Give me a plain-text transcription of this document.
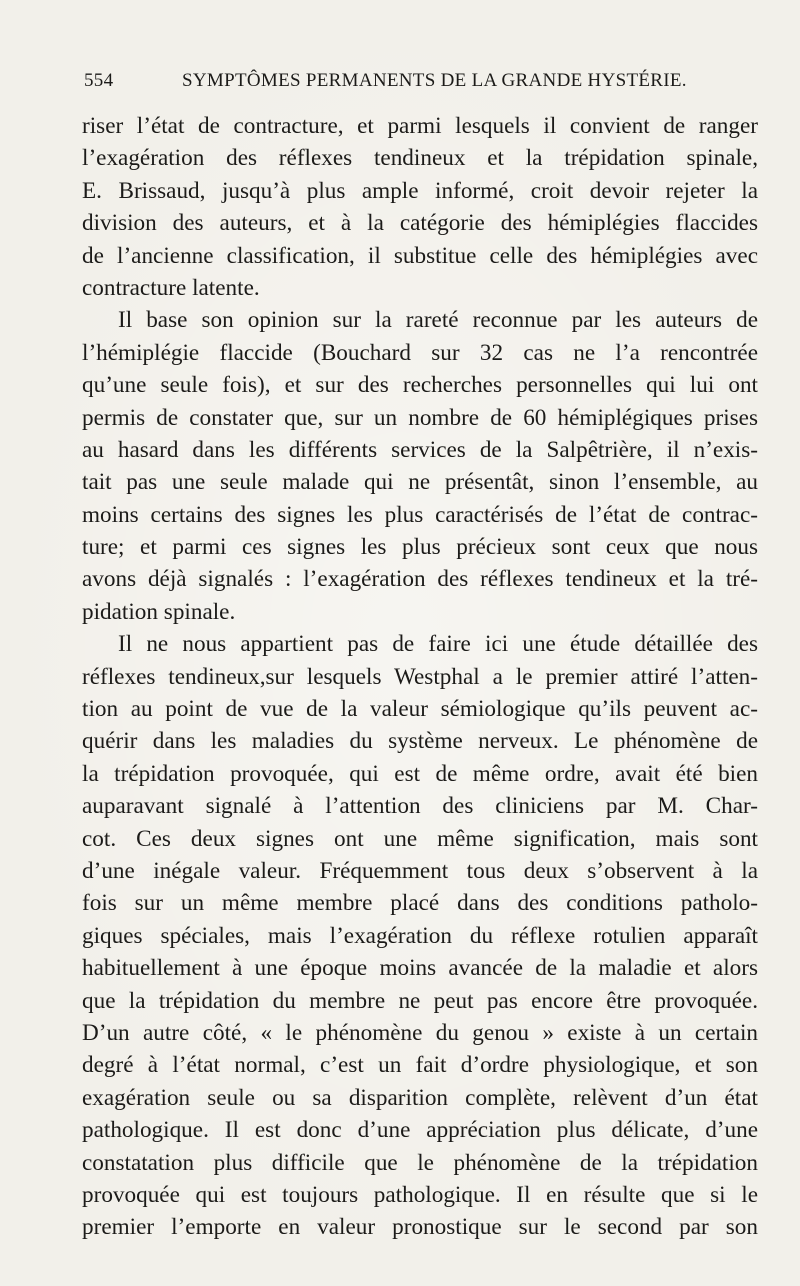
554	SYMPTÔMES PERMANENTS DE LA GRANDE HYSTÉRIE.
riser l’état de contracture, et parmi lesquels il convient de ranger
l’exagération des réflexes tendineux et la trépidation spinale,
E. Brissaud, jusqu’à plus ample informé, croit devoir rejeter la
division des auteurs, et à la catégorie des hémiplégies flaccides
de l’ancienne classification, il substitue celle des hémiplégies avec
contracture latente.
Il base son opinion sur la rareté reconnue par les auteurs de
l’hémiplégie flaccide (Bouchard sur 32 cas ne l’a rencontrée
qu’une seule fois), et sur des recherches personnelles qui lui ont
permis de constater que, sur un nombre de 60 hémiplégiques prises
au hasard dans les différents services de la Salpêtrière, il n’exis-
tait pas une seule malade qui ne présentât, sinon l’ensemble, au
moins certains des signes les plus caractérisés de l’état de contrac-
ture; et parmi ces signes les plus précieux sont ceux que nous
avons déjà signalés : l’exagération des réflexes tendineux et la tré-
pidation spinale.
Il ne nous appartient pas de faire ici une étude détaillée des
réflexes tendineux,sur lesquels Westphal a le premier attiré l’atten-
tion au point de vue de la valeur sémiologique qu’ils peuvent ac-
quérir dans les maladies du système nerveux. Le phénomène de
la trépidation provoquée, qui est de même ordre, avait été bien
auparavant signalé à l’attention des cliniciens par M. Char-
cot. Ces deux signes ont une même signification, mais sont
d’une inégale valeur. Fréquemment tous deux s’observent à la
fois sur un même membre placé dans des conditions patholo-
giques spéciales, mais l’exagération du réflexe rotulien apparaît
habituellement à une époque moins avancée de la maladie et alors
que la trépidation du membre ne peut pas encore être provoquée.
D’un autre côté, « le phénomène du genou » existe à un certain
degré à l’état normal, c’est un fait d’ordre physiologique, et son
exagération seule ou sa disparition complète, relèvent d’un état
pathologique. Il est donc d’une appréciation plus délicate, d’une
constatation plus difficile que le phénomène de la trépidation
provoquée qui est toujours pathologique. Il en résulte que si le
premier l’emporte en valeur pronostique sur le second par son
